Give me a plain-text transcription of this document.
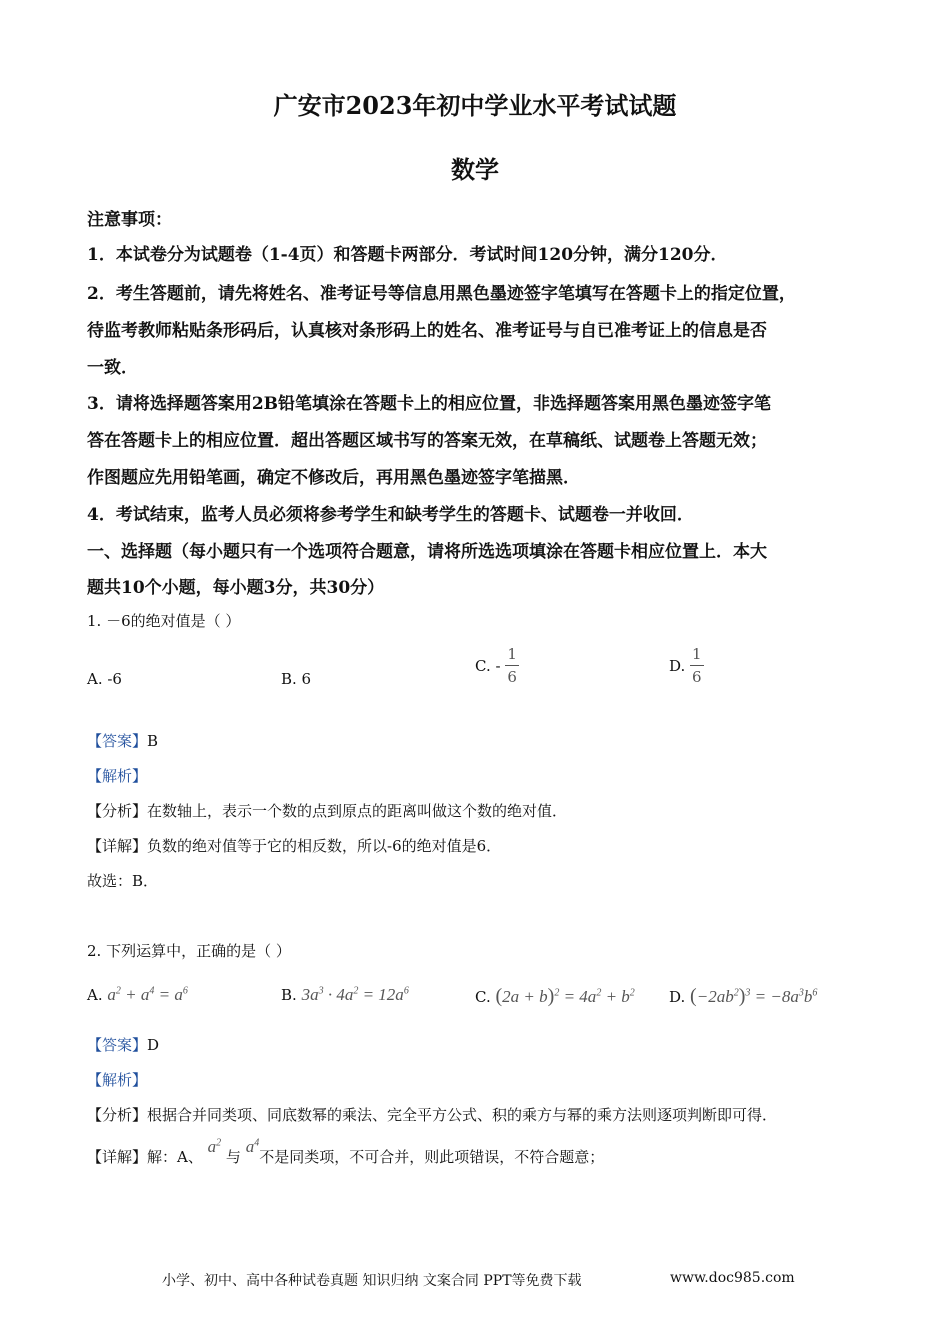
广安市2023年初中学业水平考试试题
数学
注意事项：
1．本试卷分为试题卷（1-4页）和答题卡两部分．考试时间120分钟，满分120分．
2．考生答题前，请先将姓名、准考证号等信息用黑色墨迹签字笔填写在答题卡上的指定位置，
待监考教师粘贴条形码后，认真核对条形码上的姓名、准考证号与自已准考证上的信息是否
一致．
3．请将选择题答案用2B铅笔填涂在答题卡上的相应位置，非选择题答案用黑色墨迹签字笔
答在答题卡上的相应位置．超出答题区域书写的答案无效，在草稿纸、试题卷上答题无效；
作图题应先用铅笔画，确定不修改后，再用黑色墨迹签字笔描黑．
4．考试结束，监考人员必须将参考学生和缺考学生的答题卡、试题卷一并收回．
一、选择题（每小题只有一个选项符合题意，请将所选选项填涂在答题卡相应位置上．本大
题共10个小题，每小题3分，共30分）
1. －6的绝对值是（ ）
A. -6	B. 6
C. - $\frac{1}{6}$	D. $\frac{1}{6}$
【答案】B
【解析】
【分析】在数轴上，表示一个数的点到原点的距离叫做这个数的绝对值．
【详解】负数的绝对值等于它的相反数，所以-6的绝对值是6．
故选：B．
2. 下列运算中，正确的是（ ）
A. $a^2 + a^4 = a^6$	B. $3a^3 \cdot 4a^2 = 12a^6$	C. $(2a + b)^2 = 4a^2 + b^2$ D. $(-2ab^2)^3 = -8a^3b^6$
【答案】D
【解析】
【分析】根据合并同类项、同底数幂的乘法、完全平方公式、积的乘方与幂的乘方法则逐项判断即可得．
【详解】解：A、 $a^2$ 与 $a^4$不是同类项，不可合并，则此项错误，不符合题意；
小学、初中、高中各种试卷真题 知识归纳 文案合同 PPT等免费下载	www.doc985.com
